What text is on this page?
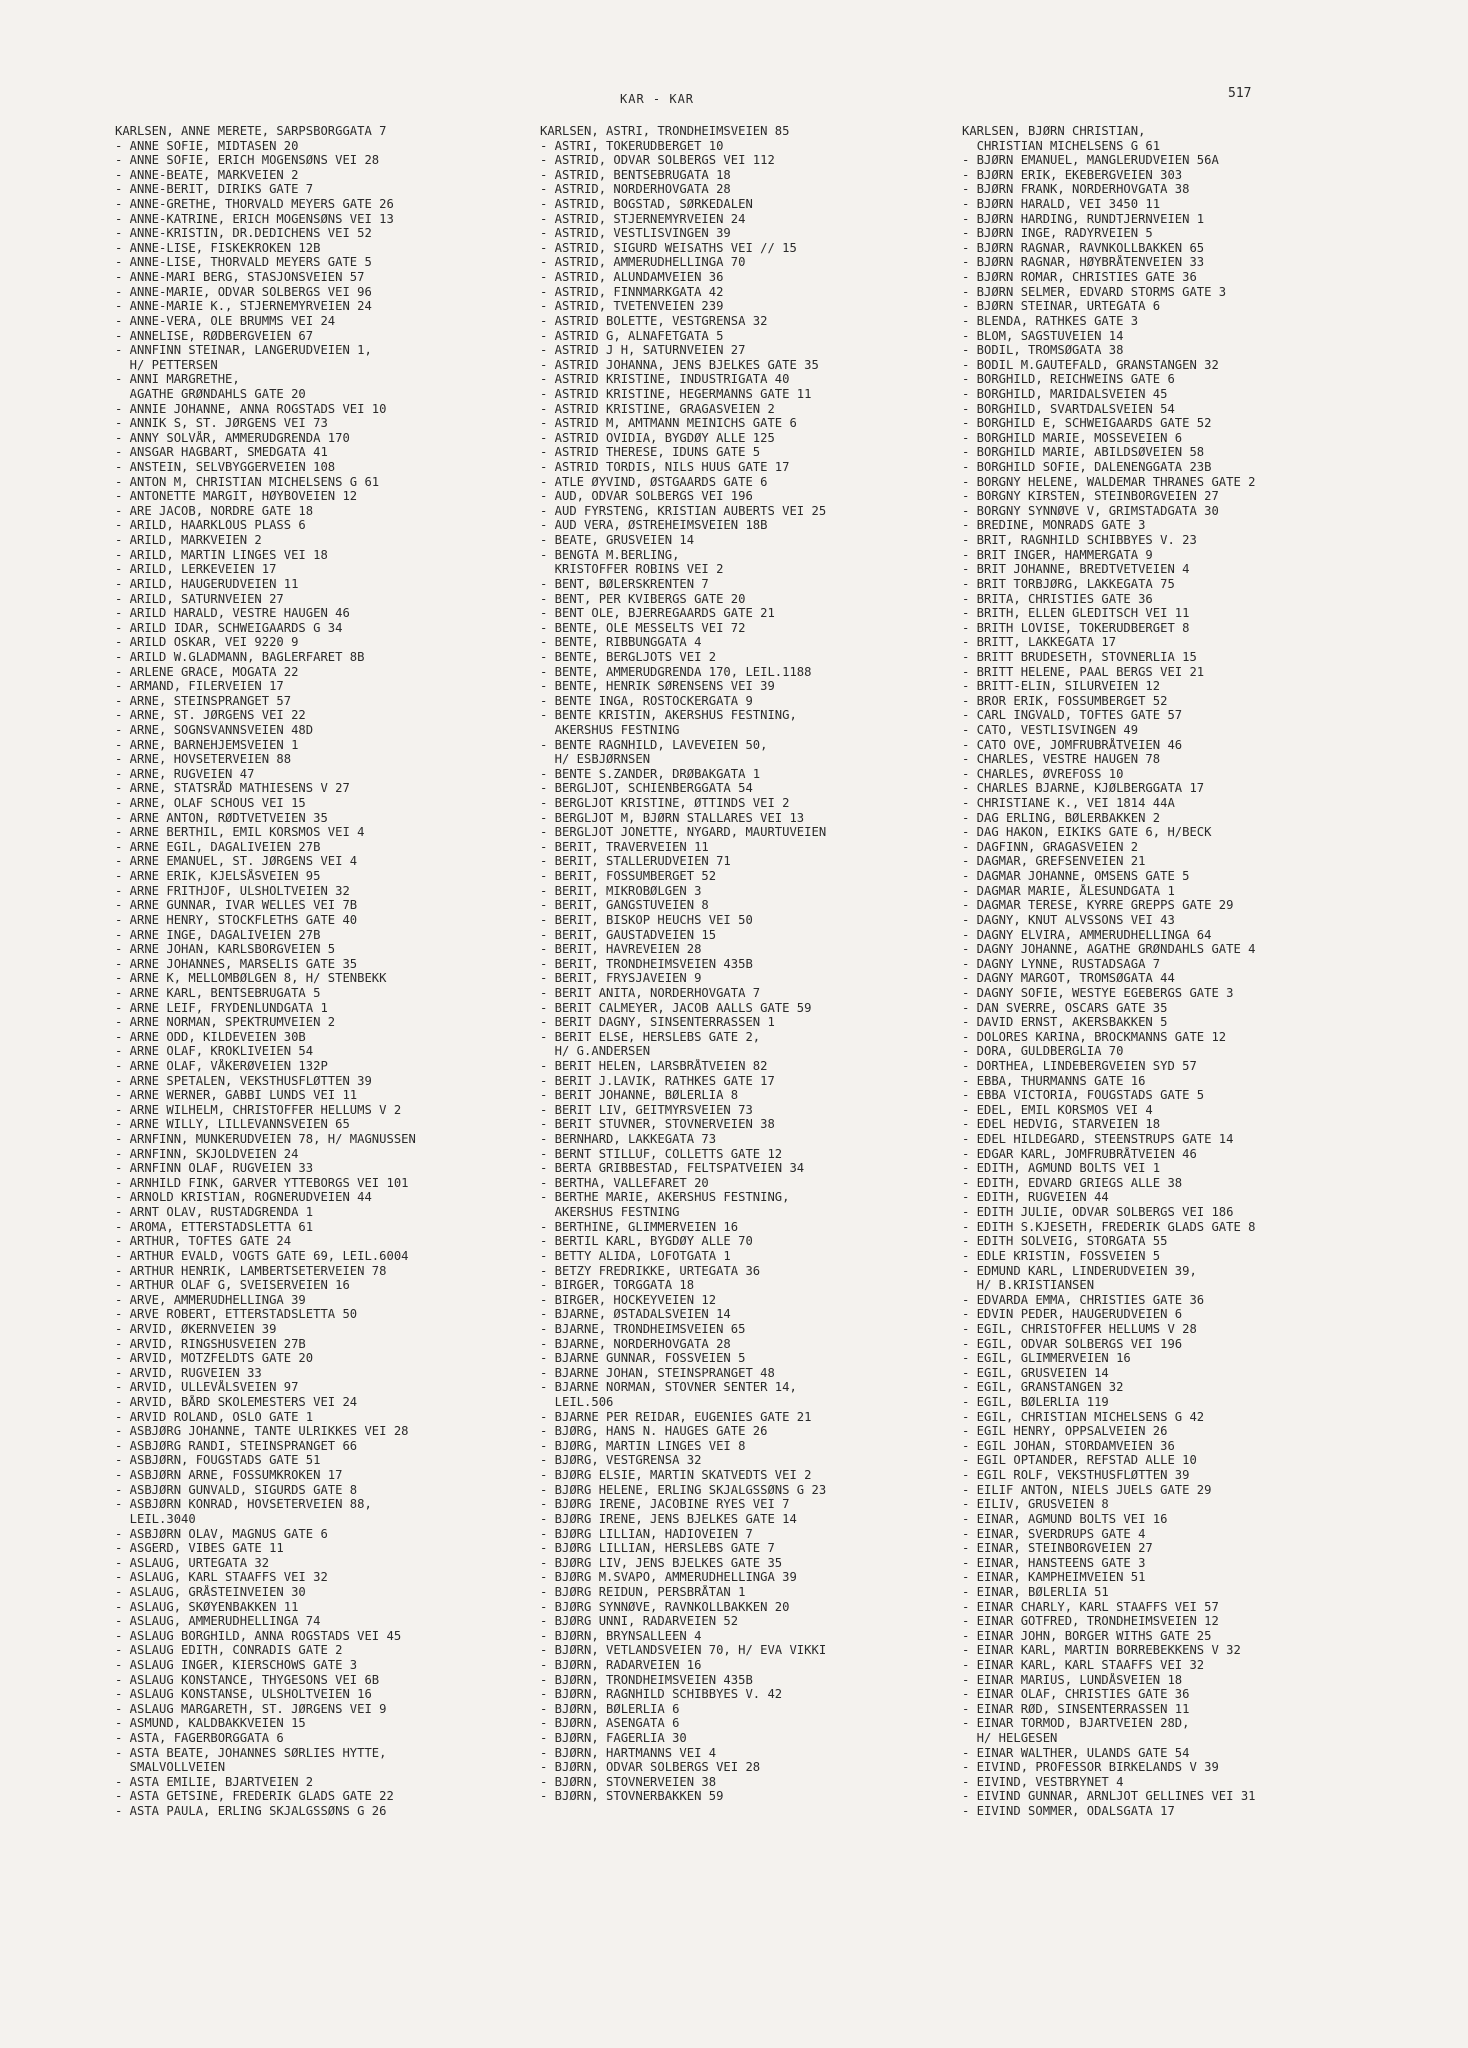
KAR - KAR	517
KARLSEN, ANNE MERETE, SARPSBORGGATA 7
- ANNE SOFIE, MIDTASEN 20
- ANNE SOFIE, ERICH MOGENSØNS VEI 28
- ANNE-BEATE, MARKVEIEN 2
- ANNE-BERIT, DIRIKS GATE 7
- ANNE-GRETHE, THORVALD MEYERS GATE 26
- ANNE-KATRINE, ERICH MOGENSØNS VEI 13
- ANNE-KRISTIN, DR.DEDICHENS VEI 52
- ANNE-LISE, FISKEKROKEN 12B
- ANNE-LISE, THORVALD MEYERS GATE 5
- ANNE-MARI BERG, STASJONSVEIEN 57
- ANNE-MARIE, ODVAR SOLBERGS VEI 96
- ANNE-MARIE K., STJERNEMYRVEIEN 24
- ANNE-VERA, OLE BRUMMS VEI 24
- ANNELISE, RØDBERGVEIEN 67
- ANNFINN STEINAR, LANGERUDVEIEN 1,
H/ PETTERSEN
- ANNI MARGRETHE,
AGATHE GRØNDAHLS GATE 20
- ANNIE JOHANNE, ANNA ROGSTADS VEI 10
- ANNIK S, ST. JØRGENS VEI 73
- ANNY SOLVÅR, AMMERUDGRENDA 170
- ANSGAR HAGBART, SMEDGATA 41
- ANSTEIN, SELVBYGGERVEIEN 108
- ANTON M, CHRISTIAN MICHELSENS G 61
- ANTONETTE MARGIT, HØYBOVEIEN 12
- ARE JACOB, NORDRE GATE 18
- ARILD, HAARKLOUS PLASS 6
- ARILD, MARKVEIEN 2
- ARILD, MARTIN LINGES VEI 18
- ARILD, LERKEVEIEN 17
- ARILD, HAUGERUDVEIEN 11
- ARILD, SATURNVEIEN 27
- ARILD HARALD, VESTRE HAUGEN 46
- ARILD IDAR, SCHWEIGAARDS G 34
- ARILD OSKAR, VEI 9220 9
- ARILD W.GLADMANN, BAGLERFARET 8B
- ARLENE GRACE, MOGATA 22
- ARMAND, FILERVEIEN 17
- ARNE, STEINSPRANGET 57
- ARNE, ST. JØRGENS VEI 22
- ARNE, SOGNSVANNSVEIEN 48D
- ARNE, BARNEHJEMSVEIEN 1
- ARNE, HOVSETERVEIEN 88
- ARNE, RUGVEIEN 47
- ARNE, STATSRÅD MATHIESENS V 27
- ARNE, OLAF SCHOUS VEI 15
- ARNE ANTON, RØDTVETVEIEN 35
- ARNE BERTHIL, EMIL KORSMOS VEI 4
- ARNE EGIL, DAGALIVEIEN 27B
- ARNE EMANUEL, ST. JØRGENS VEI 4
- ARNE ERIK, KJELSÅSVEIEN 95
- ARNE FRITHJOF, ULSHOLTVEIEN 32
- ARNE GUNNAR, IVAR WELLES VEI 7B
- ARNE HENRY, STOCKFLETHS GATE 40
- ARNE INGE, DAGALIVEIEN 27B
- ARNE JOHAN, KARLSBORGVEIEN 5
- ARNE JOHANNES, MARSELIS GATE 35
- ARNE K, MELLOMBØLGEN 8, H/ STENBEKK
- ARNE KARL, BENTSEBRUGATA 5
- ARNE LEIF, FRYDENLUNDGATA 1
- ARNE NORMAN, SPEKTRUMVEIEN 2
- ARNE ODD, KILDEVEIEN 30B
- ARNE OLAF, KROKLIVEIEN 54
- ARNE OLAF, VÅKERØVEIEN 132P
- ARNE SPETALEN, VEKSTHUSFLØTTEN 39
- ARNE WERNER, GABBI LUNDS VEI 11
- ARNE WILHELM, CHRISTOFFER HELLUMS V 2
- ARNE WILLY, LILLEVANNSVEIEN 65
- ARNFINN, MUNKERUDVEIEN 78, H/ MAGNUSSEN
- ARNFINN, SKJOLDVEIEN 24
- ARNFINN OLAF, RUGVEIEN 33
- ARNHILD FINK, GARVER YTTEBORGS VEI 101
- ARNOLD KRISTIAN, ROGNERUDVEIEN 44
- ARNT OLAV, RUSTADGRENDA 1
- AROMA, ETTERSTADSLETTA 61
- ARTHUR, TOFTES GATE 24
- ARTHUR EVALD, VOGTS GATE 69, LEIL.6004
- ARTHUR HENRIK, LAMBERTSETERVEIEN 78
- ARTHUR OLAF G, SVEISERVEIEN 16
- ARVE, AMMERUDHELLINGA 39
- ARVE ROBERT, ETTERSTADSLETTA 50
- ARVID, ØKERNVEIEN 39
- ARVID, RINGSHUSVEIEN 27B
- ARVID, MOTZFELDTS GATE 20
- ARVID, RUGVEIEN 33
- ARVID, ULLEVÅLSVEIEN 97
- ARVID, BÅRD SKOLEMESTERS VEI 24
- ARVID ROLAND, OSLO GATE 1
- ASBJØRG JOHANNE, TANTE ULRIKKES VEI 28
- ASBJØRG RANDI, STEINSPRANGET 66
- ASBJØRN, FOUGSTADS GATE 51
- ASBJØRN ARNE, FOSSUMKROKEN 17
- ASBJØRN GUNVALD, SIGURDS GATE 8
- ASBJØRN KONRAD, HOVSETERVEIEN 88,
LEIL.3040
- ASBJØRN OLAV, MAGNUS GATE 6
- ASGERD, VIBES GATE 11
- ASLAUG, URTEGATA 32
- ASLAUG, KARL STAAFFS VEI 32
- ASLAUG, GRÅSTEINVEIEN 30
- ASLAUG, SKØYENBAKKEN 11
- ASLAUG, AMMERUDHELLINGA 74
- ASLAUG BORGHILD, ANNA ROGSTADS VEI 45
- ASLAUG EDITH, CONRADIS GATE 2
- ASLAUG INGER, KIERSCHOWS GATE 3
- ASLAUG KONSTANCE, THYGESONS VEI 6B
- ASLAUG KONSTANSE, ULSHOLTVEIEN 16
- ASLAUG MARGARETH, ST. JØRGENS VEI 9
- ASMUND, KALDBAKKVEIEN 15
- ASTA, FAGERBORGGATA 6
- ASTA BEATE, JOHANNES SØRLIES HYTTE,
SMALVOLLVEIEN
- ASTA EMILIE, BJARTVEIEN 2
- ASTA GETSINE, FREDERIK GLADS GATE 22
- ASTA PAULA, ERLING SKJALGSSØNS G 26
KARLSEN, ASTRI, TRONDHEIMSVEIEN 85
- ASTRI, TOKERUDBERGET 10
- ASTRID, ODVAR SOLBERGS VEI 112
- ASTRID, BENTSEBRUGATA 18
- ASTRID, NORDERHOVGATA 28
- ASTRID, BOGSTAD, SØRKEDALEN
- ASTRID, STJERNEMYRVEIEN 24
- ASTRID, VESTLISVINGEN 39
- ASTRID, SIGURD WEISATHS VEI // 15
- ASTRID, AMMERUDHELLINGA 70
- ASTRID, ALUNDAMVEIEN 36
- ASTRID, FINNMARKGATA 42
- ASTRID, TVETENVEIEN 239
- ASTRID BOLETTE, VESTGRENSA 32
- ASTRID G, ALNAFETGATA 5
- ASTRID J H, SATURNVEIEN 27
- ASTRID JOHANNA, JENS BJELKES GATE 35
- ASTRID KRISTINE, INDUSTRIGATA 40
- ASTRID KRISTINE, HEGERMANNS GATE 11
- ASTRID KRISTINE, GRAGASVEIEN 2
- ASTRID M, AMTMANN MEINICHS GATE 6
- ASTRID OVIDIA, BYGDØY ALLE 125
- ASTRID THERESE, IDUNS GATE 5
- ASTRID TORDIS, NILS HUUS GATE 17
- ATLE ØYVIND, ØSTGAARDS GATE 6
- AUD, ODVAR SOLBERGS VEI 196
- AUD FYRSTENG, KRISTIAN AUBERTS VEI 25
- AUD VERA, ØSTREHEIMSVEIEN 18B
- BEATE, GRUSVEIEN 14
- BENGTA M.BERLING,
KRISTOFFER ROBINS VEI 2
- BENT, BØLERSKRENTEN 7
- BENT, PER KVIBERGS GATE 20
- BENT OLE, BJERREGAARDS GATE 21
- BENTE, OLE MESSELTS VEI 72
- BENTE, RIBBUNGGATA 4
- BENTE, BERGLJOTS VEI 2
- BENTE, AMMERUDGRENDA 170, LEIL.1188
- BENTE, HENRIK SØRENSENS VEI 39
- BENTE INGA, ROSTOCKERGATA 9
- BENTE KRISTIN, AKERSHUS FESTNING,
AKERSHUS FESTNING
- BENTE RAGNHILD, LAVEVEIEN 50,
H/ ESBJØRNSEN
- BENTE S.ZANDER, DRØBAKGATA 1
- BERGLJOT, SCHIENBERGGATA 54
- BERGLJOT KRISTINE, ØTTINDS VEI 2
- BERGLJOT M, BJØRN STALLARES VEI 13
- BERGLJOT JONETTE, NYGARD, MAURTUVEIEN
- BERIT, TRAVERVEIEN 11
- BERIT, STALLERUDVEIEN 71
- BERIT, FOSSUMBERGET 52
- BERIT, MIKROBØLGEN 3
- BERIT, GANGSTUVEIEN 8
- BERIT, BISKOP HEUCHS VEI 50
- BERIT, GAUSTADVEIEN 15
- BERIT, HAVREVEIEN 28
- BERIT, TRONDHEIMSVEIEN 435B
- BERIT, FRYSJAVEIEN 9
- BERIT ANITA, NORDERHOVGATA 7
- BERIT CALMEYER, JACOB AALLS GATE 59
- BERIT DAGNY, SINSENTERRASSEN 1
- BERIT ELSE, HERSLEBS GATE 2,
H/ G.ANDERSEN
- BERIT HELEN, LARSBRÅTVEIEN 82
- BERIT J.LAVIK, RATHKES GATE 17
- BERIT JOHANNE, BØLERLIA 8
- BERIT LIV, GEITMYRSVEIEN 73
- BERIT STUVNER, STOVNERVEIEN 38
- BERNHARD, LAKKEGATA 73
- BERNT STILLUF, COLLETTS GATE 12
- BERTA GRIBBESTAD, FELTSPATVEIEN 34
- BERTHA, VALLEFARET 20
- BERTHE MARIE, AKERSHUS FESTNING,
AKERSHUS FESTNING
- BERTHINE, GLIMMERVEIEN 16
- BERTIL KARL, BYGDØY ALLE 70
- BETTY ALIDA, LOFOTGATA 1
- BETZY FREDRIKKE, URTEGATA 36
- BIRGER, TORGGATA 18
- BIRGER, HOCKEYVEIEN 12
- BJARNE, ØSTADALSVEIEN 14
- BJARNE, TRONDHEIMSVEIEN 65
- BJARNE, NORDERHOVGATA 28
- BJARNE GUNNAR, FOSSVEIEN 5
- BJARNE JOHAN, STEINSPRANGET 48
- BJARNE NORMAN, STOVNER SENTER 14,
LEIL.506
- BJARNE PER REIDAR, EUGENIES GATE 21
- BJØRG, HANS N. HAUGES GATE 26
- BJØRG, MARTIN LINGES VEI 8
- BJØRG, VESTGRENSA 32
- BJØRG ELSIE, MARTIN SKATVEDTS VEI 2
- BJØRG HELENE, ERLING SKJALGSSØNS G 23
- BJØRG IRENE, JACOBINE RYES VEI 7
- BJØRG IRENE, JENS BJELKES GATE 14
- BJØRG LILLIAN, HADIOVEIEN 7
- BJØRG LILLIAN, HERSLEBS GATE 7
- BJØRG LIV, JENS BJELKES GATE 35
- BJØRG M.SVAPO, AMMERUDHELLINGA 39
- BJØRG REIDUN, PERSBRÅTAN 1
- BJØRG SYNNØVE, RAVNKOLLBAKKEN 20
- BJØRG UNNI, RADARVEIEN 52
- BJØRN, BRYNSALLEEN 4
- BJØRN, VETLANDSVEIEN 70, H/ EVA VIKKI
- BJØRN, RADARVEIEN 16
- BJØRN, TRONDHEIMSVEIEN 435B
- BJØRN, RAGNHILD SCHIBBYES V. 42
- BJØRN, BØLERLIA 6
- BJØRN, ASENGATA 6
- BJØRN, FAGERLIA 30
- BJØRN, HARTMANNS VEI 4
- BJØRN, ODVAR SOLBERGS VEI 28
- BJØRN, STOVNERVEIEN 38
- BJØRN, STOVNERBAKKEN 59
KARLSEN, BJØRN CHRISTIAN,
CHRISTIAN MICHELSENS G 61
- BJØRN EMANUEL, MANGLERUDVEIEN 56A
- BJØRN ERIK, EKEBERGVEIEN 303
- BJØRN FRANK, NORDERHOVGATA 38
- BJØRN HARALD, VEI 3450 11
- BJØRN HARDING, RUNDTJERNVEIEN 1
- BJØRN INGE, RADYRVEIEN 5
- BJØRN RAGNAR, RAVNKOLLBAKKEN 65
- BJØRN RAGNAR, HØYBRÅTENVEIEN 33
- BJØRN ROMAR, CHRISTIES GATE 36
- BJØRN SELMER, EDVARD STORMS GATE 3
- BJØRN STEINAR, URTEGATA 6
- BLENDA, RATHKES GATE 3
- BLOM, SAGSTUVEIEN 14
- BODIL, TROMSØGATA 38
- BODIL M.GAUTEFALD, GRANSTANGEN 32
- BORGHILD, REICHWEINS GATE 6
- BORGHILD, MARIDALSVEIEN 45
- BORGHILD, SVARTDALSVEIEN 54
- BORGHILD E, SCHWEIGAARDS GATE 52
- BORGHILD MARIE, MOSSEVEIEN 6
- BORGHILD MARIE, ABILDSØVEIEN 58
- BORGHILD SOFIE, DALENENGGATA 23B
- BORGNY HELENE, WALDEMAR THRANES GATE 2
- BORGNY KIRSTEN, STEINBORGVEIEN 27
- BORGNY SYNNØVE V, GRIMSTADGATA 30
- BREDINE, MONRADS GATE 3
- BRIT, RAGNHILD SCHIBBYES V. 23
- BRIT INGER, HAMMERGATA 9
- BRIT JOHANNE, BREDTVETVEIEN 4
- BRIT TORBJØRG, LAKKEGATA 75
- BRITA, CHRISTIES GATE 36
- BRITH, ELLEN GLEDITSCH VEI 11
- BRITH LOVISE, TOKERUDBERGET 8
- BRITT, LAKKEGATA 17
- BRITT BRUDESETH, STOVNERLIA 15
- BRITT HELENE, PAAL BERGS VEI 21
- BRITT-ELIN, SILURVEIEN 12
- BROR ERIK, FOSSUMBERGET 52
- CARL INGVALD, TOFTES GATE 57
- CATO, VESTLISVINGEN 49
- CATO OVE, JOMFRUBRÅTVEIEN 46
- CHARLES, VESTRE HAUGEN 78
- CHARLES, ØVREFOSS 10
- CHARLES BJARNE, KJØLBERGGATA 17
- CHRISTIANE K., VEI 1814 44A
- DAG ERLING, BØLERBAKKEN 2
- DAG HAKON, EIKIKS GATE 6, H/BECK
- DAGFINN, GRAGASVEIEN 2
- DAGMAR, GREFSENVEIEN 21
- DAGMAR JOHANNE, OMSENS GATE 5
- DAGMAR MARIE, ÅLESUNDGATA 1
- DAGMAR TERESE, KYRRE GREPPS GATE 29
- DAGNY, KNUT ALVSSONS VEI 43
- DAGNY ELVIRA, AMMERUDHELLINGA 64
- DAGNY JOHANNE, AGATHE GRØNDAHLS GATE 4
- DAGNY LYNNE, RUSTADSAGA 7
- DAGNY MARGOT, TROMSØGATA 44
- DAGNY SOFIE, WESTYE EGEBERGS GATE 3
- DAN SVERRE, OSCARS GATE 35
- DAVID ERNST, AKERSBAKKEN 5
- DOLORES KARINA, BROCKMANNS GATE 12
- DORA, GULDBERGLIA 70
- DORTHEA, LINDEBERGVEIEN SYD 57
- EBBA, THURMANNS GATE 16
- EBBA VICTORIA, FOUGSTADS GATE 5
- EDEL, EMIL KORSMOS VEI 4
- EDEL HEDVIG, STARVEIEN 18
- EDEL HILDEGARD, STEENSTRUPS GATE 14
- EDGAR KARL, JOMFRUBRÅTVEIEN 46
- EDITH, AGMUND BOLTS VEI 1
- EDITH, EDVARD GRIEGS ALLE 38
- EDITH, RUGVEIEN 44
- EDITH JULIE, ODVAR SOLBERGS VEI 186
- EDITH S.KJESETH, FREDERIK GLADS GATE 8
- EDITH SOLVEIG, STORGATA 55
- EDLE KRISTIN, FOSSVEIEN 5
- EDMUND KARL, LINDERUDVEIEN 39,
H/ B.KRISTIANSEN
- EDVARDA EMMA, CHRISTIES GATE 36
- EDVIN PEDER, HAUGERUDVEIEN 6
- EGIL, CHRISTOFFER HELLUMS V 28
- EGIL, ODVAR SOLBERGS VEI 196
- EGIL, GLIMMERVEIEN 16
- EGIL, GRUSVEIEN 14
- EGIL, GRANSTANGEN 32
- EGIL, BØLERLIA 119
- EGIL, CHRISTIAN MICHELSENS G 42
- EGIL HENRY, OPPSALVEIEN 26
- EGIL JOHAN, STORDAMVEIEN 36
- EGIL OPTANDER, REFSTAD ALLE 10
- EGIL ROLF, VEKSTHUSFLØTTEN 39
- EILIF ANTON, NIELS JUELS GATE 29
- EILIV, GRUSVEIEN 8
- EINAR, AGMUND BOLTS VEI 16
- EINAR, SVERDRUPS GATE 4
- EINAR, STEINBORGVEIEN 27
- EINAR, HANSTEENS GATE 3
- EINAR, KAMPHEIMVEIEN 51
- EINAR, BØLERLIA 51
- EINAR CHARLY, KARL STAAFFS VEI 57
- EINAR GOTFRED, TRONDHEIMSVEIEN 12
- EINAR JOHN, BORGER WITHS GATE 25
- EINAR KARL, MARTIN BORREBEKKENS V 32
- EINAR KARL, KARL STAAFFS VEI 32
- EINAR MARIUS, LUNDÅSVEIEN 18
- EINAR OLAF, CHRISTIES GATE 36
- EINAR RØD, SINSENTERRASSEN 11
- EINAR TORMOD, BJARTVEIEN 28D,
H/ HELGESEN
- EINAR WALTHER, ULANDS GATE 54
- EIVIND, PROFESSOR BIRKELANDS V 39
- EIVIND, VESTBRYNET 4
- EIVIND GUNNAR, ARNLJOT GELLINES VEI 31
- EIVIND SOMMER, ODALSGATA 17
